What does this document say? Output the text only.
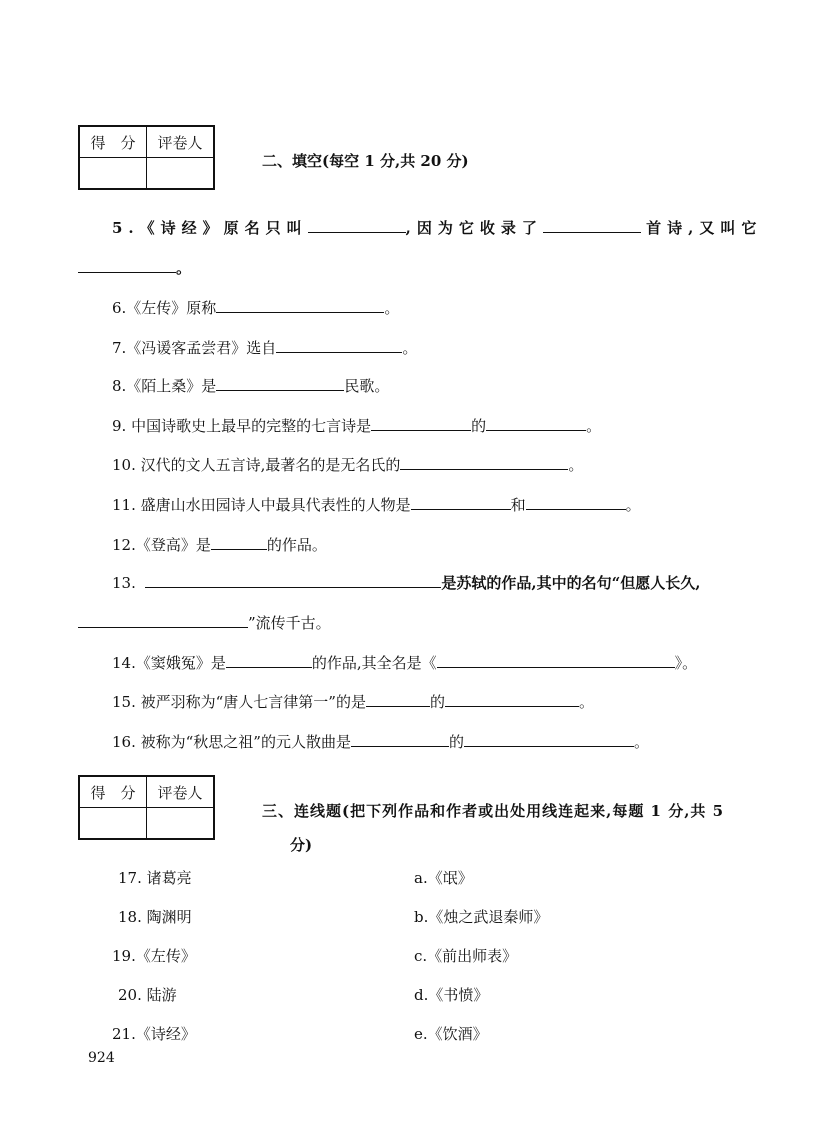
得　分	评卷人

二、填空(每空 1 分,共 20 分)
5.《诗经》原名只叫	,因为它收录了	首诗,又叫它
。
6.《左传》原称	。
7.《冯谖客孟尝君》选自	。
8.《陌上桑》是	民歌。
9. 中国诗歌史上最早的完整的七言诗是	的	。
10. 汉代的文人五言诗,最著名的是无名氏的	。
11. 盛唐山水田园诗人中最具代表性的人物是	和	。
12.《登高》是	的作品。
13.	是苏轼的作品,其中的名句“但愿人长久,
”流传千古。
14.《窦娥冤》是	的作品,其全名是《	》。
15. 被严羽称为“唐人七言律第一”的是	的	。
16. 被称为“秋思之祖”的元人散曲是	的	。
得　分	评卷人

三、连线题(把下列作品和作者或出处用线连起来,每题 1 分,共 5
分)
17. 诸葛亮	a.《氓》
18. 陶渊明	b.《烛之武退秦师》
19.《左传》	c.《前出师表》
20. 陆游	d.《书愤》
21.《诗经》	e.《饮酒》
924
